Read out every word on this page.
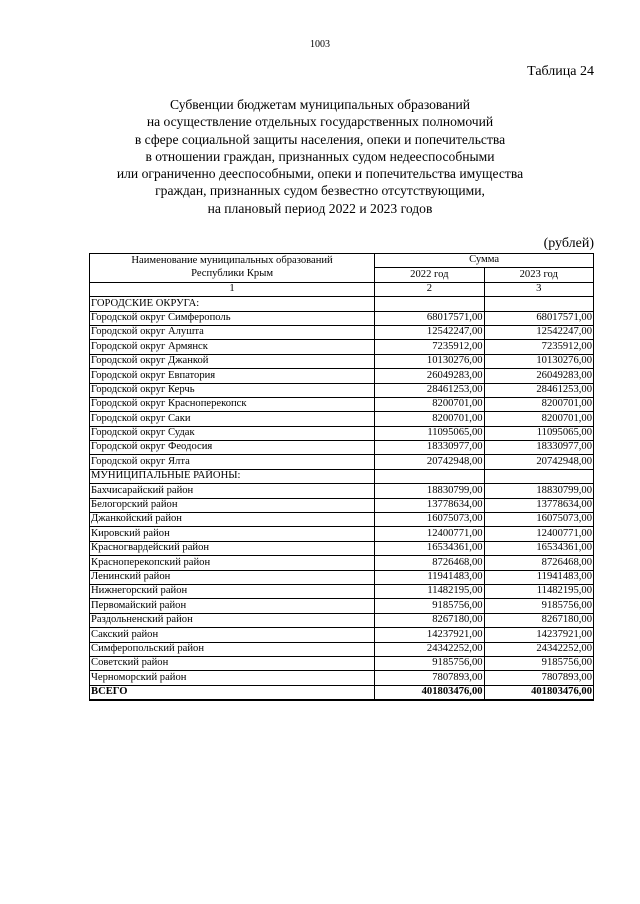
1003
Таблица 24
Субвенции бюджетам муниципальных образований
на осуществление отдельных государственных полномочий
в сфере социальной защиты населения, опеки и попечительства
в отношении граждан, признанных судом недееспособными
или ограниченно дееспособными, опеки и попечительства имущества
граждан, признанных судом безвестно отсутствующими,
на плановый период 2022 и 2023 годов
(рублей)
Наименование муниципальных образований
Республики Крым	Сумма	
	2022 год	2023 год
1	2	3
ГОРОДСКИЕ ОКРУГА:		
Городской округ Симферополь	68017571,00	68017571,00
Городской округ Алушта	12542247,00	12542247,00
Городской округ Армянск	7235912,00	7235912,00
Городской округ Джанкой	10130276,00	10130276,00
Городской округ Евпатория	26049283,00	26049283,00
Городской округ Керчь	28461253,00	28461253,00
Городской округ Красноперекопск	8200701,00	8200701,00
Городской округ Саки	8200701,00	8200701,00
Городской округ Судак	11095065,00	11095065,00
Городской округ Феодосия	18330977,00	18330977,00
Городской округ Ялта	20742948,00	20742948,00
МУНИЦИПАЛЬНЫЕ РАЙОНЫ:		
Бахчисарайский район	18830799,00	18830799,00
Белогорский район	13778634,00	13778634,00
Джанкойский район	16075073,00	16075073,00
Кировский район	12400771,00	12400771,00
Красногвардейский район	16534361,00	16534361,00
Красноперекопский район	8726468,00	8726468,00
Ленинский район	11941483,00	11941483,00
Нижнегорский район	11482195,00	11482195,00
Первомайский район	9185756,00	9185756,00
Раздольненский район	8267180,00	8267180,00
Сакский район	14237921,00	14237921,00
Симферопольский район	24342252,00	24342252,00
Советский район	9185756,00	9185756,00
Черноморский район	7807893,00	7807893,00
ВСЕГО	401803476,00	401803476,00
